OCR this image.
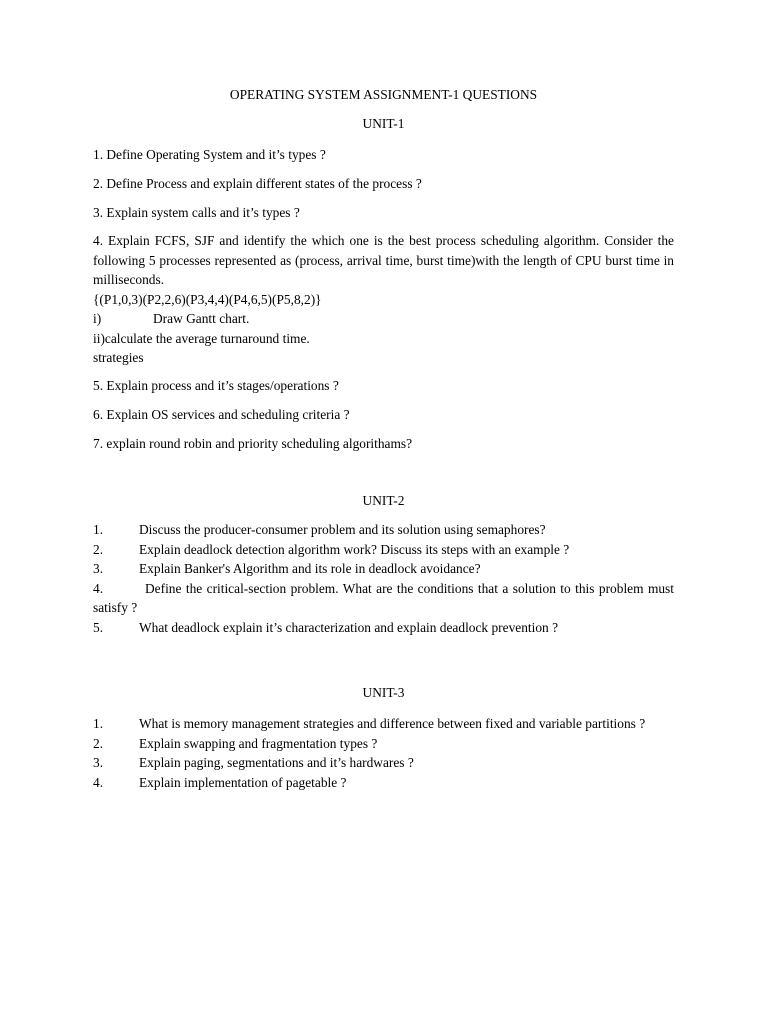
OPERATING SYSTEM ASSIGNMENT-1 QUESTIONS
UNIT-1
1. Define Operating System and it’s types ?
2. Define Process and explain different states of the process ?
3. Explain system calls and it’s types ?

4. Explain FCFS, SJF and identify the which one is the best process scheduling algorithm. Consider the following 5 processes represented as (process, arrival time, burst time)with the length of CPU burst time in milliseconds.

{(P1,0,3)(P2,2,6)(P3,4,4)(P4,6,5)(P5,8,2)}
i)	Draw Gantt chart.
ii)calculate the average turnaround time.
strategies
5. Explain process and it’s stages/operations ?
6. Explain OS services and scheduling criteria ?
7. explain round robin and priority scheduling algorithams?
UNIT-2
1.	Discuss the producer-consumer problem and its solution using semaphores?
2.	Explain deadlock detection algorithm work? Discuss its steps with an example ?
3.	Explain Banker's Algorithm and its role in deadlock avoidance?

4.	Define the critical-section problem. What are the conditions that a solution to this problem must satisfy ?

5.	What deadlock explain it’s characterization and explain deadlock prevention ?
UNIT-3

1.	What is memory management strategies and difference between fixed and variable partitions ?

2.	Explain swapping and fragmentation types ?
3.	Explain paging, segmentations and it’s hardwares ?
4.	Explain implementation of pagetable ?
